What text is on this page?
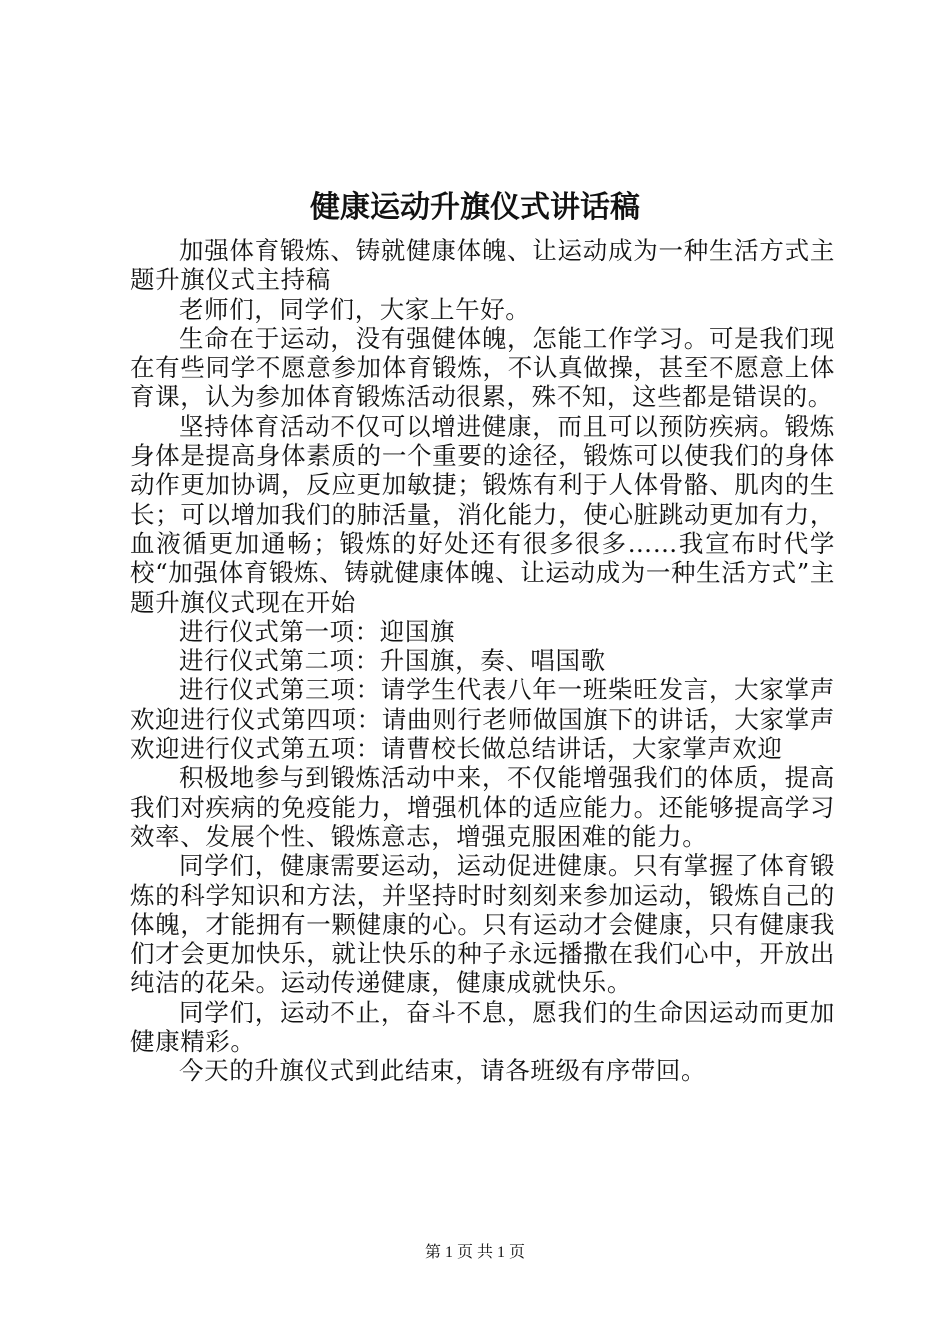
健康运动升旗仪式讲话稿

加强体育锻炼、铸就健康体魄、让运动成为一种生活方式主题升旗仪式主持稿

老师们，同学们，大家上午好。

生命在于运动，没有强健体魄，怎能工作学习。可是我们现在有些同学不愿意参加体育锻炼，不认真做操，甚至不愿意上体育课，认为参加体育锻炼活动很累，殊不知，这些都是错误的。

坚持体育活动不仅可以增进健康，而且可以预防疾病。锻炼身体是提高身体素质的一个重要的途径，锻炼可以使我们的身体动作更加协调，反应更加敏捷；锻炼有利于人体骨骼、肌肉的生长；可以增加我们的肺活量，消化能力，使心脏跳动更加有力，血液循更加通畅；锻炼的好处还有很多很多……我宣布时代学校“加强体育锻炼、铸就健康体魄、让运动成为一种生活方式”主题升旗仪式现在开始

进行仪式第一项：迎国旗

进行仪式第二项：升国旗，奏、唱国歌

进行仪式第三项：请学生代表八年一班柴旺发言，大家掌声欢迎进行仪式第四项：请曲则行老师做国旗下的讲话，大家掌声欢迎进行仪式第五项：请曹校长做总结讲话，大家掌声欢迎

积极地参与到锻炼活动中来，不仅能增强我们的体质，提高我们对疾病的免疫能力，增强机体的适应能力。还能够提高学习效率、发展个性、锻炼意志，增强克服困难的能力。

同学们，健康需要运动，运动促进健康。只有掌握了体育锻炼的科学知识和方法，并坚持时时刻刻来参加运动，锻炼自己的体魄，才能拥有一颗健康的心。只有运动才会健康，只有健康我们才会更加快乐，就让快乐的种子永远播撒在我们心中，开放出纯洁的花朵。运动传递健康，健康成就快乐。

同学们，运动不止，奋斗不息，愿我们的生命因运动而更加健康精彩。

今天的升旗仪式到此结束，请各班级有序带回。

第 1 页 共 1 页
